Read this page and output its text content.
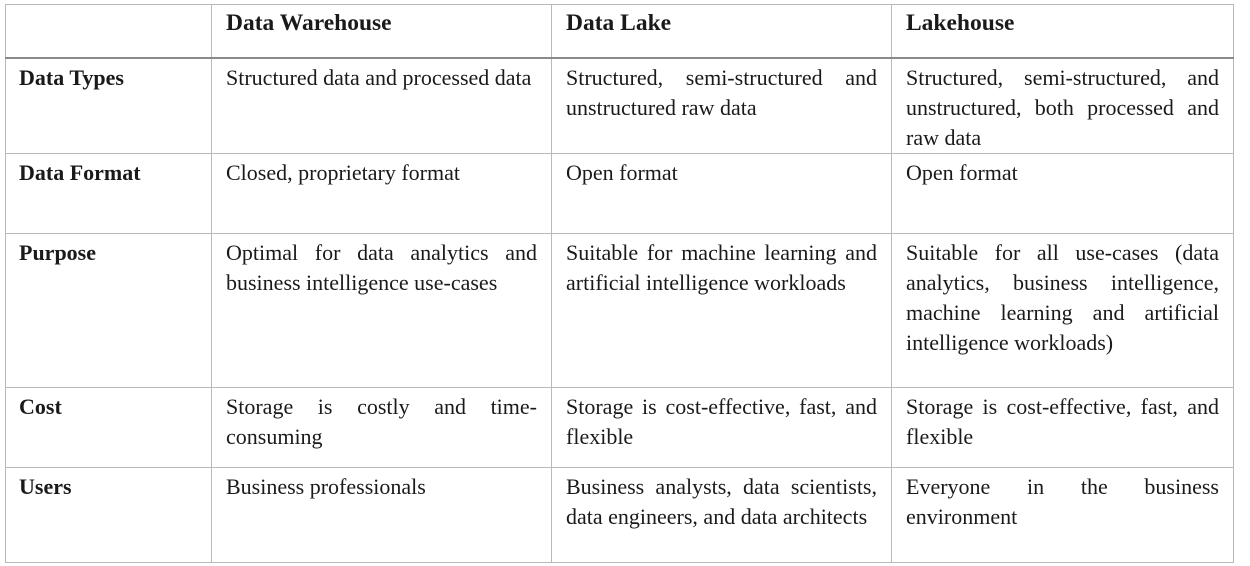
	Data Warehouse	Data Lake	Lakehouse
Data Types	Structured data and processed data	Structured, semi-structured and unstructured raw data	Structured, semi-structured, and unstructured, both processed and raw data
Data Format	Closed, proprietary format	Open format	Open format
Purpose	Optimal for data analytics and business intelligence use-cases	Suitable for machine learning and artificial intelligence workloads	Suitable for all use-cases (data analytics, business intelligence, machine learning and artificial intelligence workloads)
Cost	Storage is costly and time-consuming	Storage is cost-effective, fast, and flexible	Storage is cost-effective, fast, and flexible
Users	Business professionals	Business analysts, data scientists, data engineers, and data architects	Everyone in the business environment
